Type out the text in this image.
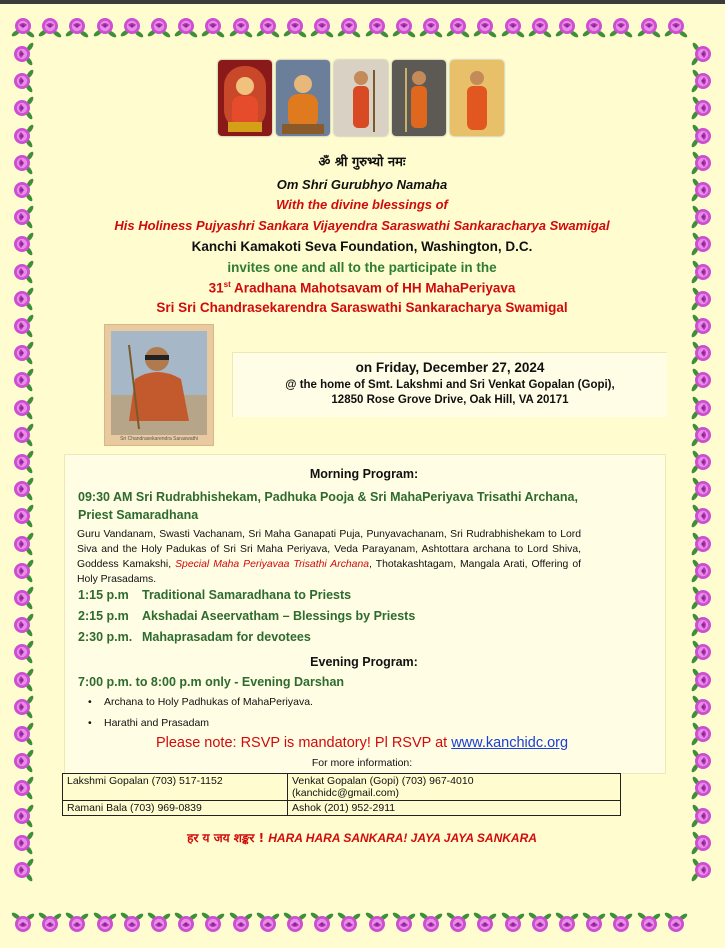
ॐ श्री गुरुभ्यो नमः
Om Shri Gurubhyo Namaha
With the divine blessings of
His Holiness Pujyashri Sankara Vijayendra Saraswathi Sankaracharya Swamigal
Kanchi Kamakoti Seva Foundation, Washington, D.C.
invites one and all to the participate in the
31st Aradhana Mahotsavam of HH MahaPeriyava
Sri Sri Chandrasekarendra Saraswathi Sankaracharya Swamigal
Sri Chandrasekarendra Saraswathi
on Friday, December 27, 2024
@ the home of Smt. Lakshmi and Sri Venkat Gopalan (Gopi),
12850 Rose Grove Drive, Oak Hill, VA 20171
Morning Program:
09:30 AM Sri Rudrabhishekam, Padhuka Pooja & Sri MahaPeriyava Trisathi Archana,
Priest Samaradhana
Guru Vandanam, Swasti Vachanam, Sri Maha Ganapati Puja, Punyavachanam, Sri Rudrabhishekam to Lord Siva and the Holy Padukas of Sri Sri Maha Periyava, Veda Parayanam, Ashtottara archana to Lord Shiva, Goddess Kamakshi, Special Maha Periyavaa Trisathi Archana, Thotakashtagam, Mangala Arati, Offering of Holy Prasadams.
1:15 p.m Traditional Samaradhana to Priests
2:15 p.m Akshadai Aseervatham – Blessings by Priests
2:30 p.m. Mahaprasadam for devotees
Evening Program:
7:00 p.m. to 8:00 p.m only - Evening Darshan
• Archana to Holy Padhukas of MahaPeriyava.
• Harathi and Prasadam
Please note: RSVP is mandatory! Pl RSVP at www.kanchidc.org
For more information:
Lakshmi Gopalan (703) 517-1152	Venkat Gopalan (Gopi) (703) 967-4010
(kanchidc@gmail.com)

Ramani Bala (703) 969-0839	Ashok (201) 952-2911
हर य जय शङ्कर ! HARA HARA SANKARA! JAYA JAYA SANKARA
